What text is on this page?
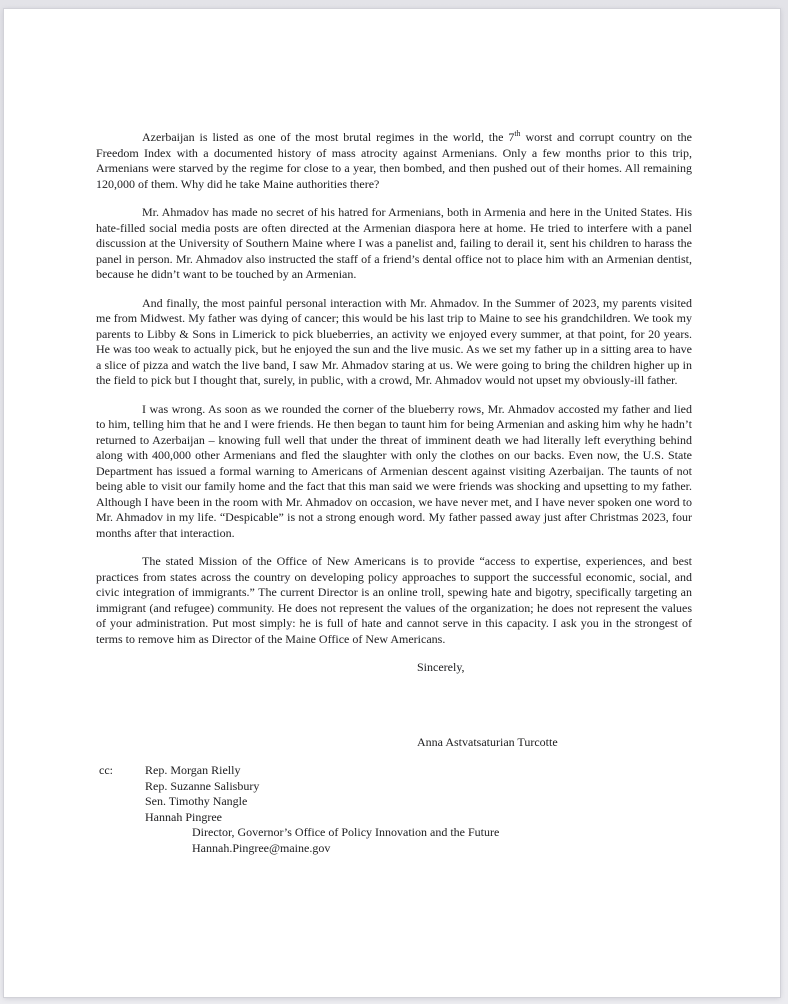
Azerbaijan is listed as one of the most brutal regimes in the world, the 7th worst and corrupt country on the Freedom Index with a documented history of mass atrocity against Armenians. Only a few months prior to this trip, Armenians were starved by the regime for close to a year, then bombed, and then pushed out of their homes. All remaining 120,000 of them. Why did he take Maine authorities there?

Mr. Ahmadov has made no secret of his hatred for Armenians, both in Armenia and here in the United States. His hate-filled social media posts are often directed at the Armenian diaspora here at home. He tried to interfere with a panel discussion at the University of Southern Maine where I was a panelist and, failing to derail it, sent his children to harass the panel in person. Mr. Ahmadov also instructed the staff of a friend’s dental office not to place him with an Armenian dentist, because he didn’t want to be touched by an Armenian.

And finally, the most painful personal interaction with Mr. Ahmadov. In the Summer of 2023, my parents visited me from Midwest. My father was dying of cancer; this would be his last trip to Maine to see his grandchildren. We took my parents to Libby & Sons in Limerick to pick blueberries, an activity we enjoyed every summer, at that point, for 20 years. He was too weak to actually pick, but he enjoyed the sun and the live music. As we set my father up in a sitting area to have a slice of pizza and watch the live band, I saw Mr. Ahmadov staring at us. We were going to bring the children higher up in the field to pick but I thought that, surely, in public, with a crowd, Mr. Ahmadov would not upset my obviously-ill father.

I was wrong. As soon as we rounded the corner of the blueberry rows, Mr. Ahmadov accosted my father and lied to him, telling him that he and I were friends. He then began to taunt him for being Armenian and asking him why he hadn’t returned to Azerbaijan – knowing full well that under the threat of imminent death we had literally left everything behind along with 400,000 other Armenians and fled the slaughter with only the clothes on our backs. Even now, the U.S. State Department has issued a formal warning to Americans of Armenian descent against visiting Azerbaijan. The taunts of not being able to visit our family home and the fact that this man said we were friends was shocking and upsetting to my father. Although I have been in the room with Mr. Ahmadov on occasion, we have never met, and I have never spoken one word to Mr. Ahmadov in my life. “Despicable” is not a strong enough word. My father passed away just after Christmas 2023, four months after that interaction.

The stated Mission of the Office of New Americans is to provide “access to expertise, experiences, and best practices from states across the country on developing policy approaches to support the successful economic, social, and civic integration of immigrants.” The current Director is an online troll, spewing hate and bigotry, specifically targeting an immigrant (and refugee) community. He does not represent the values of the organization; he does not represent the values of your administration. Put most simply: he is full of hate and cannot serve in this capacity. I ask you in the strongest of terms to remove him as Director of the Maine Office of New Americans.

Sincerely,
Anna Astvatsaturian Turcotte
cc:	Rep. Morgan Rielly
Rep. Suzanne Salisbury
Sen. Timothy Nangle
Hannah Pingree
Director, Governor’s Office of Policy Innovation and the Future
Hannah.Pingree@maine.gov
